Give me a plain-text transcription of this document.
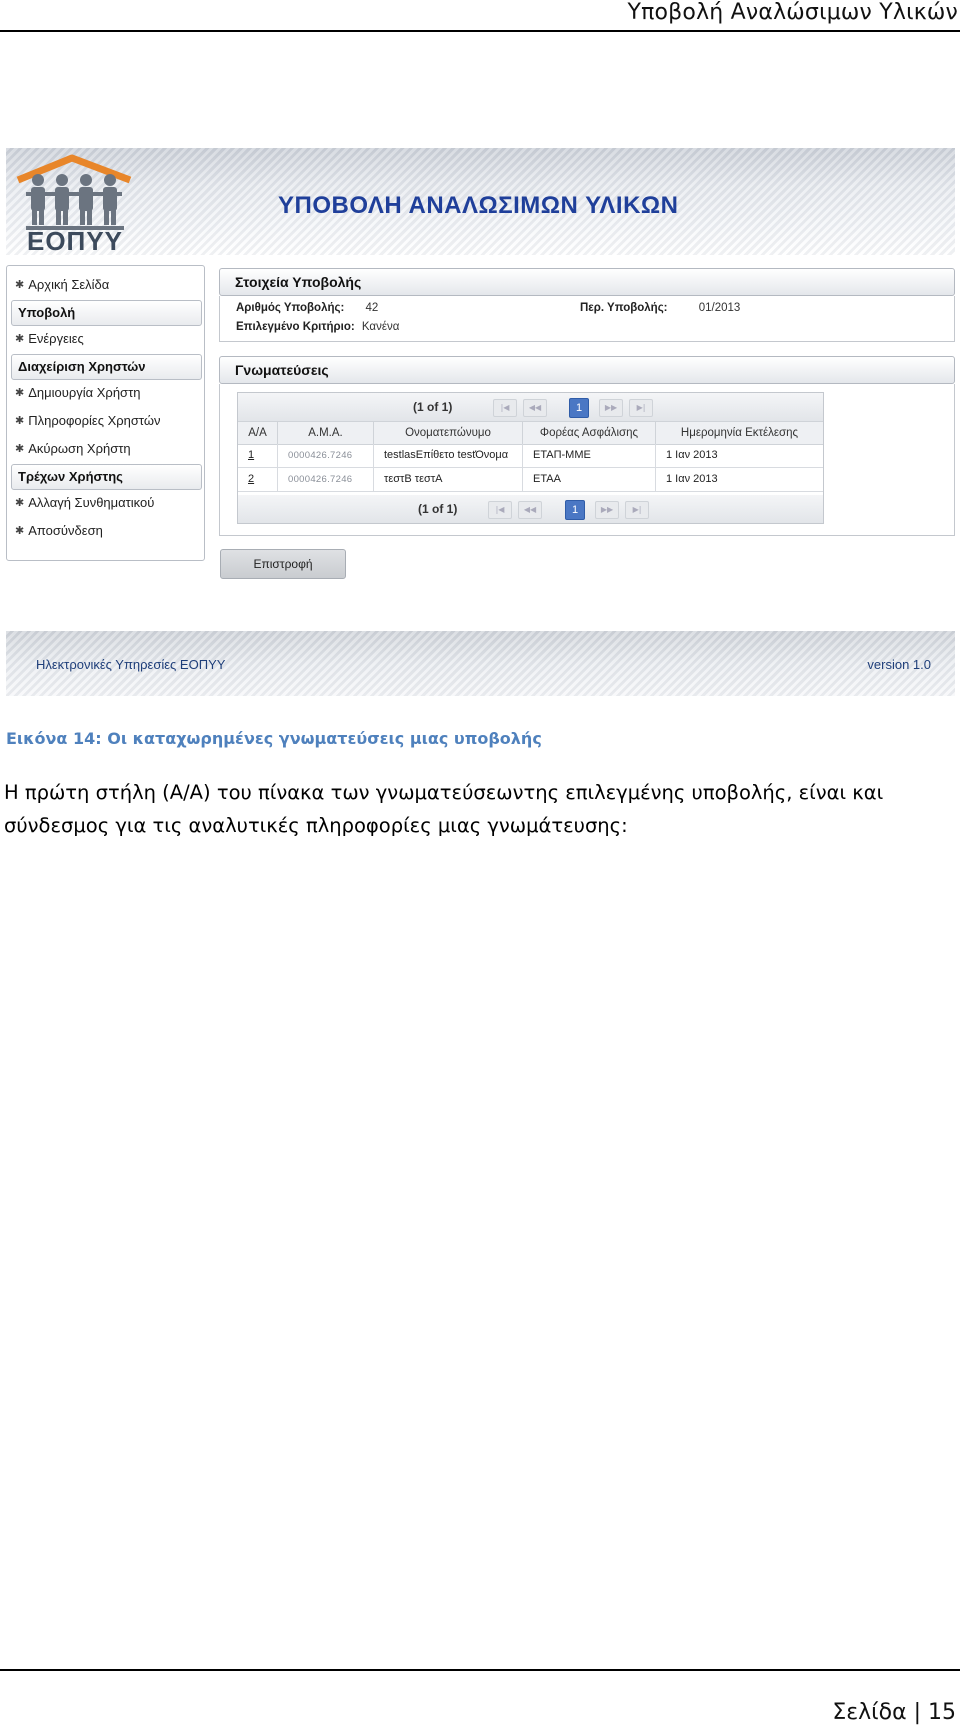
Υποβολή Αναλώσιμων Υλικών
ΕΟΠΥΥ
ΥΠΟΒΟΛΗ ΑΝΑΛΩΣΙΜΩΝ ΥΛΙΚΩΝ
✱ Αρχική Σελίδα
Υποβολή
✱ Ενέργειες
Διαχείριση Χρηστών
✱ Δημιουργία Χρήστη
✱ Πληροφορίες Χρηστών
✱ Ακύρωση Χρήστη
Τρέχων Χρήστης
✱ Αλλαγή Συνθηματικού
✱ Αποσύνδεση
Στοιχεία Υποβολής
Αριθμός Υποβολής: 42	Περ. Υποβολής:	01/2013
Επιλεγμένο Κριτήριο: Κανένα
Γνωματεύσεις
(1 of 1)	|◀	◀◀	1	▶▶	▶|
Α/Α	Α.Μ.Α.	Ονοματεπώνυμο	Φορέας Ασφάλισης	Ημερομηνία Εκτέλεσης
1	0000426.7246	testlasΕπίθετο testΌνομα	ΕΤΑΠ-ΜΜΕ	1 Ιαν 2013
2	0000426.7246	τεστΒ τεστΑ	ΕΤΑΑ	1 Ιαν 2013
(1 of 1)	|◀	◀◀	1	▶▶	▶|
Επιστροφή
Ηλεκτρονικές Υπηρεσίες ΕΟΠΥΥ	version 1.0
Εικόνα 14: Οι καταχωρημένες γνωματεύσεις μιας υποβολής
Η πρώτη στήλη (Α/Α) του πίνακα των γνωματεύσεωντης επιλεγμένης υποβολής, είναι και σύνδεσμος για τις αναλυτικές πληροφορίες μιας γνωμάτευσης:
Σελίδα | 15
